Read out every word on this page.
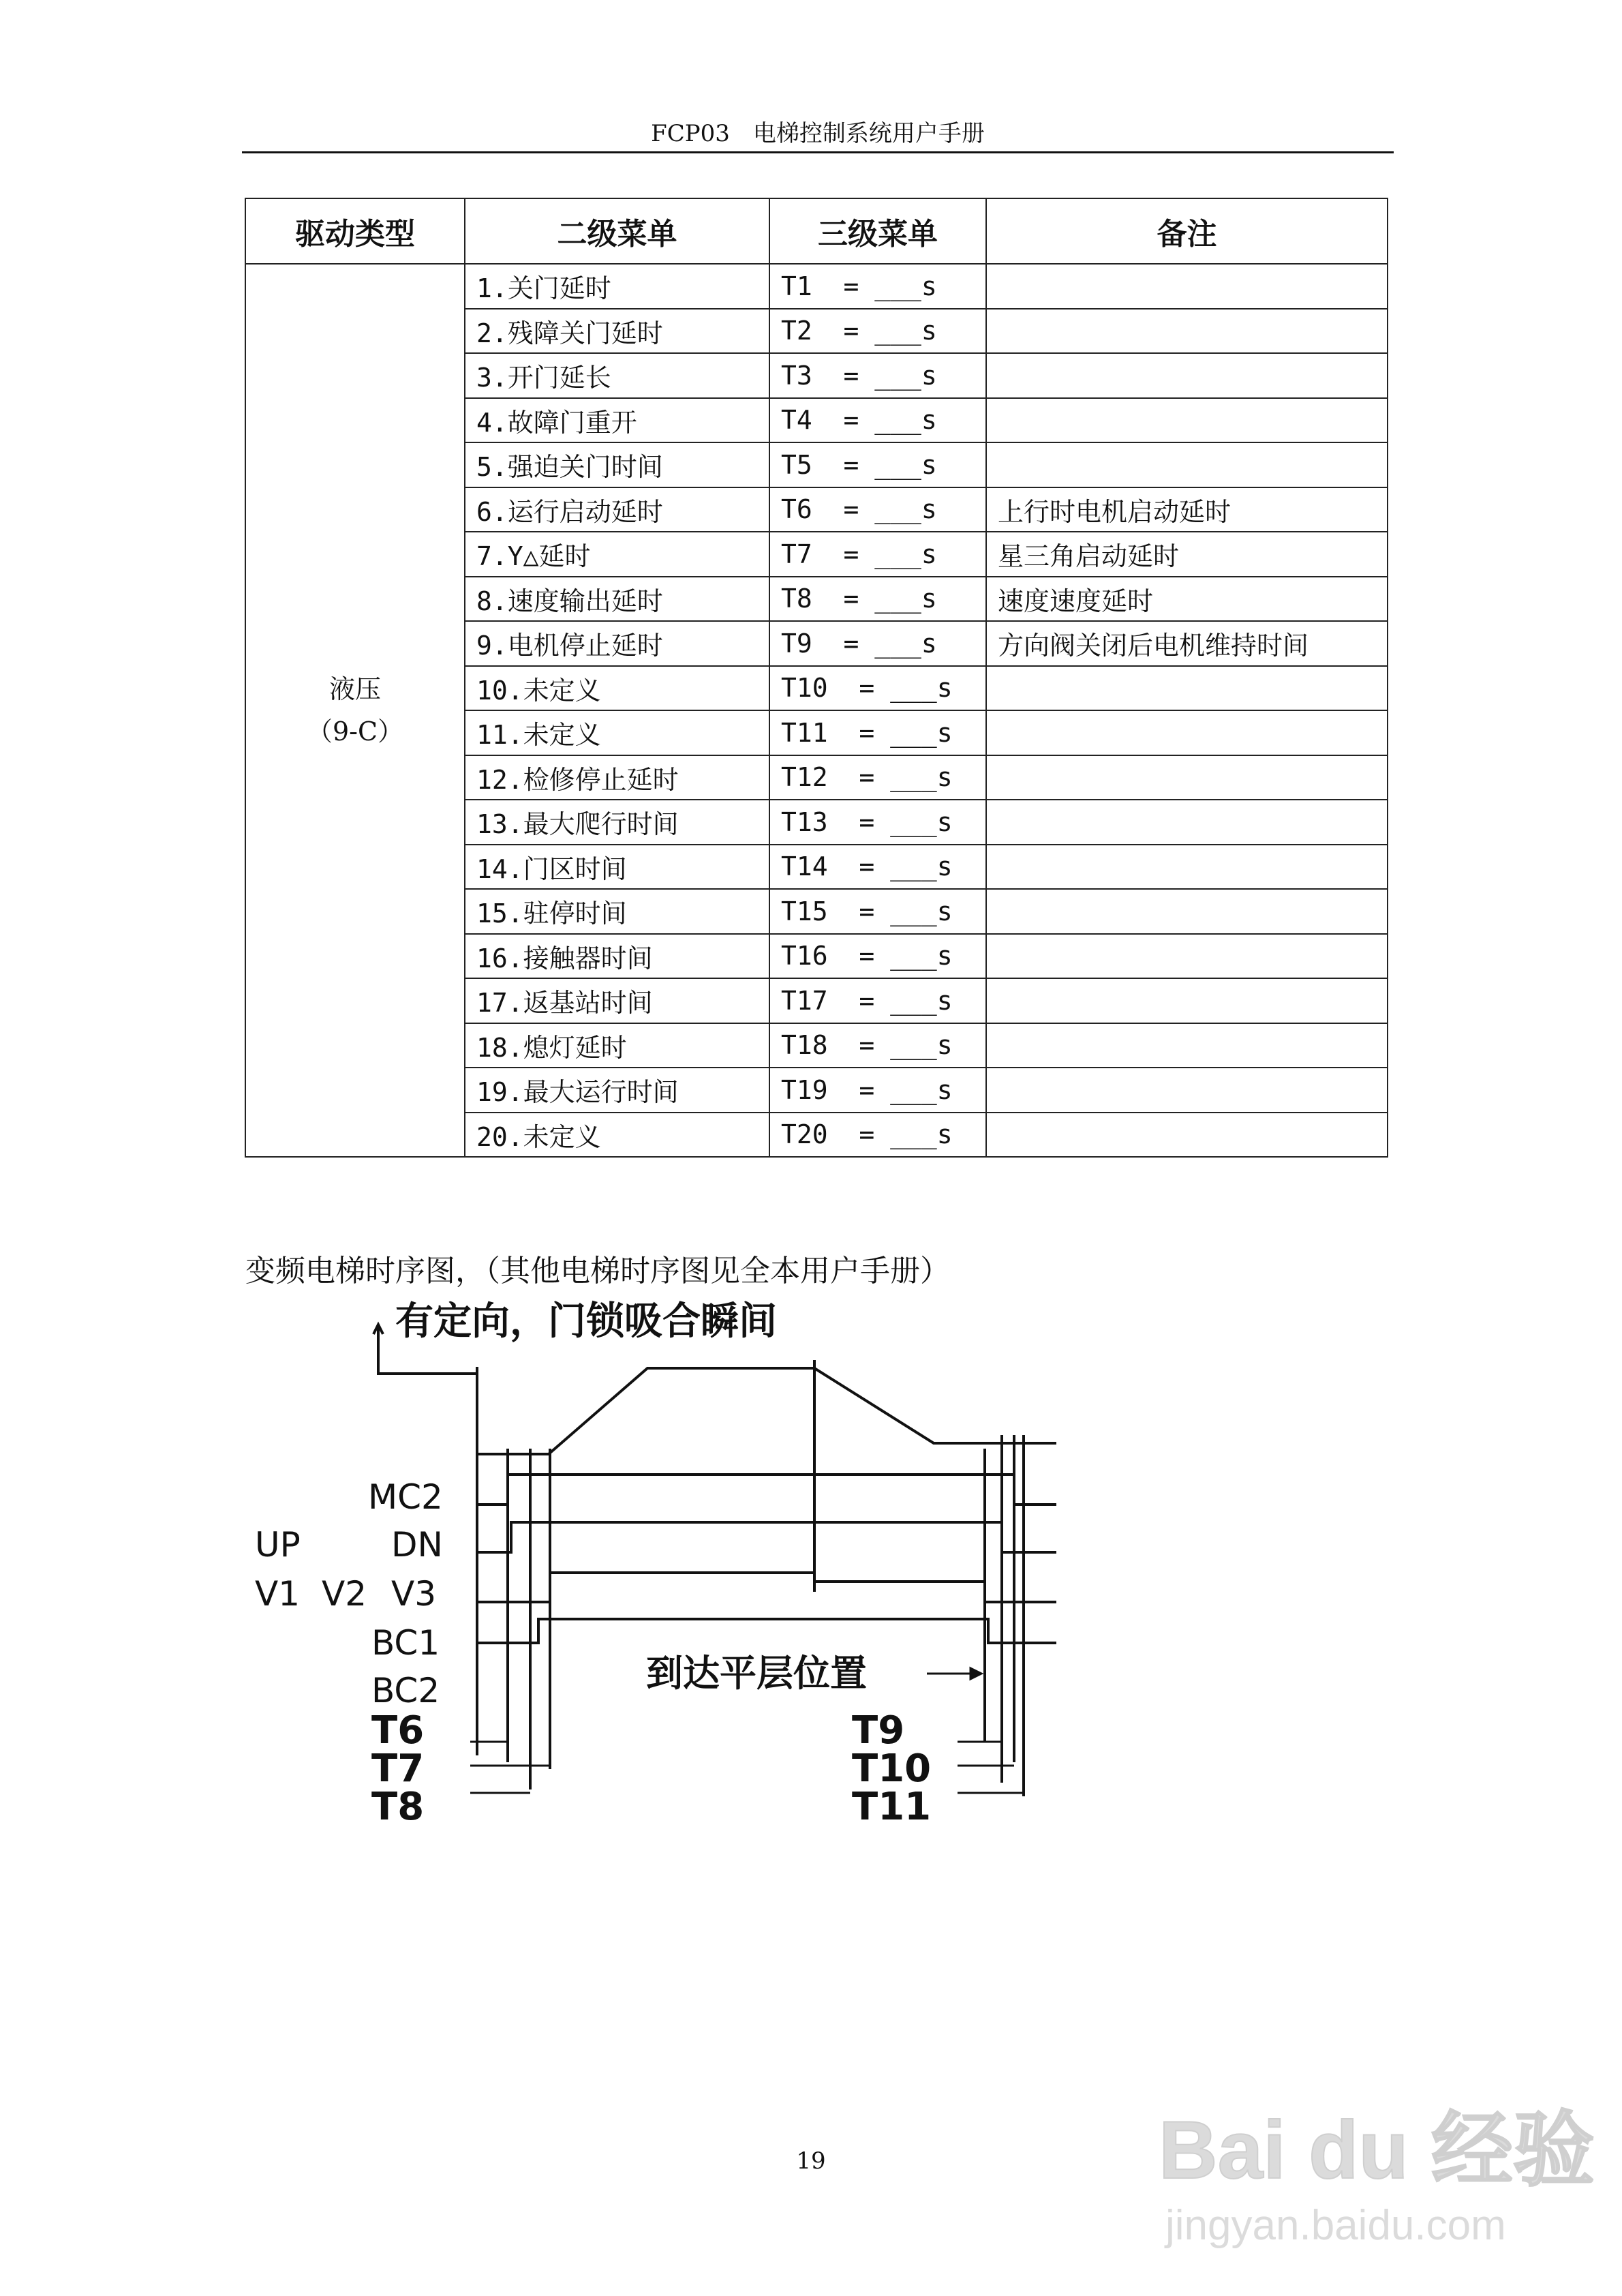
FCP03　电梯控制系统用户手册
驱动类型	二级菜单	三级菜单	备注

液压
（9-C）	1.关门延时	T1  = ___s	
	2.残障关门延时	T2  = ___s	
	3.开门延长	T3  = ___s	
	4.故障门重开	T4  = ___s	
	5.强迫关门时间	T5  = ___s	
	6.运行启动延时	T6  = ___s	上行时电机启动延时
	7.Y△延时	T7  = ___s	星三角启动延时
	8.速度输出延时	T8  = ___s	速度速度延时
	9.电机停止延时	T9  = ___s	方向阀关闭后电机维持时间
	10.未定义	T10  = ___s	
	11.未定义	T11  = ___s	
	12.检修停止延时	T12  = ___s	
	13.最大爬行时间	T13  = ___s	
	14.门区时间	T14  = ___s	
	15.驻停时间	T15  = ___s	
	16.接触器时间	T16  = ___s	
	17.返基站时间	T17  = ___s	
	18.熄灯延时	T18  = ___s	
	19.最大运行时间	T19  = ___s	
	20.未定义	T20  = ___s	
变频电梯时序图，（其他电梯时序图见全本用户手册）
有定向，门锁吸合瞬间
MC2
UP	DN
V1 V2 V3
BC1
BC2	到达平层位置
T6
T7
T8
T9
T10
T11
19	Bai du 经验
jingyan.baidu.com
